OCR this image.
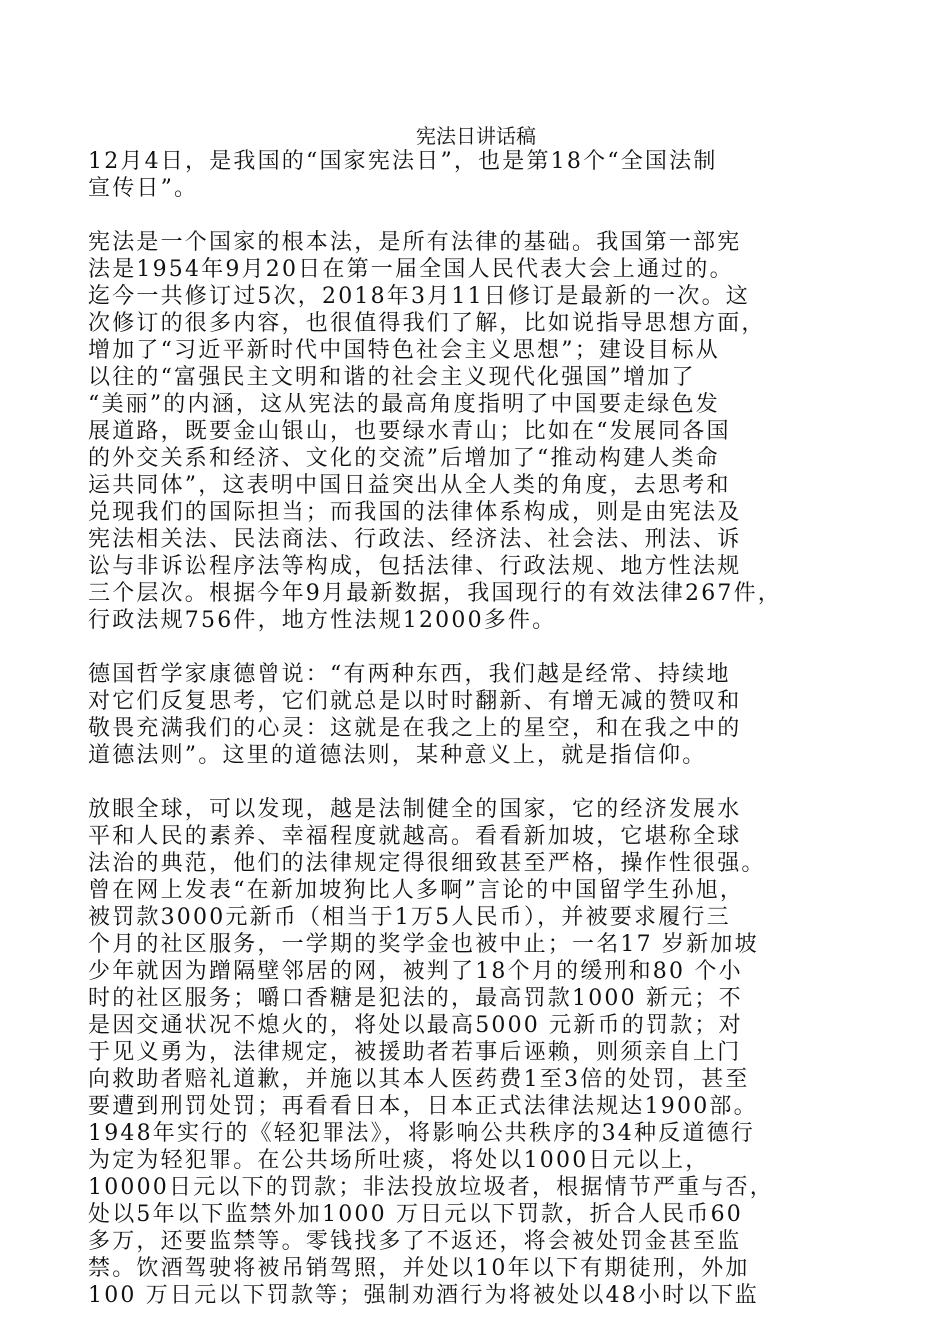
宪法日讲话稿
12月4日，是我国的“国家宪法日”，也是第18个“全国法制
宣传日”。
宪法是一个国家的根本法，是所有法律的基础。我国第一部宪
法是1954年9月20日在第一届全国人民代表大会上通过的。
迄今一共修订过5次，2018年3月11日修订是最新的一次。这
次修订的很多内容，也很值得我们了解，比如说指导思想方面，
增加了“习近平新时代中国特色社会主义思想”；建设目标从
以往的“富强民主文明和谐的社会主义现代化强国”增加了
“美丽”的内涵，这从宪法的最高角度指明了中国要走绿色发
展道路，既要金山银山，也要绿水青山；比如在“发展同各国
的外交关系和经济、文化的交流”后增加了“推动构建人类命
运共同体”，这表明中国日益突出从全人类的角度，去思考和
兑现我们的国际担当；而我国的法律体系构成，则是由宪法及
宪法相关法、民法商法、行政法、经济法、社会法、刑法、诉
讼与非诉讼程序法等构成，包括法律、行政法规、地方性法规
三个层次。根据今年9月最新数据，我国现行的有效法律267件，
行政法规756件，地方性法规12000多件。
德国哲学家康德曾说：“有两种东西，我们越是经常、持续地
对它们反复思考，它们就总是以时时翻新、有增无减的赞叹和
敬畏充满我们的心灵：这就是在我之上的星空，和在我之中的
道德法则”。这里的道德法则，某种意义上，就是指信仰。
放眼全球，可以发现，越是法制健全的国家，它的经济发展水
平和人民的素养、幸福程度就越高。看看新加坡，它堪称全球
法治的典范，他们的法律规定得很细致甚至严格，操作性很强。
曾在网上发表“在新加坡狗比人多啊”言论的中国留学生孙旭，
被罚款3000元新币（相当于1万5人民币），并被要求履行三
个月的社区服务，一学期的奖学金也被中止；一名17 岁新加坡
少年就因为蹭隔壁邻居的网，被判了18个月的缓刑和80 个小
时的社区服务；嚼口香糖是犯法的，最高罚款1000 新元；不
是因交通状况不熄火的，将处以最高5000 元新币的罚款；对
于见义勇为，法律规定，被援助者若事后诬赖，则须亲自上门
向救助者赔礼道歉，并施以其本人医药费1至3倍的处罚，甚至
要遭到刑罚处罚；再看看日本，日本正式法律法规达1900部。
1948年实行的《轻犯罪法》，将影响公共秩序的34种反道德行
为定为轻犯罪。在公共场所吐痰，将处以1000日元以上，
10000日元以下的罚款；非法投放垃圾者，根据情节严重与否，
处以5年以下监禁外加1000 万日元以下罚款，折合人民币60
多万，还要监禁等。零钱找多了不返还，将会被处罚金甚至监
禁。饮酒驾驶将被吊销驾照，并处以10年以下有期徒刑，外加
100 万日元以下罚款等；强制劝酒行为将被处以48小时以下监
